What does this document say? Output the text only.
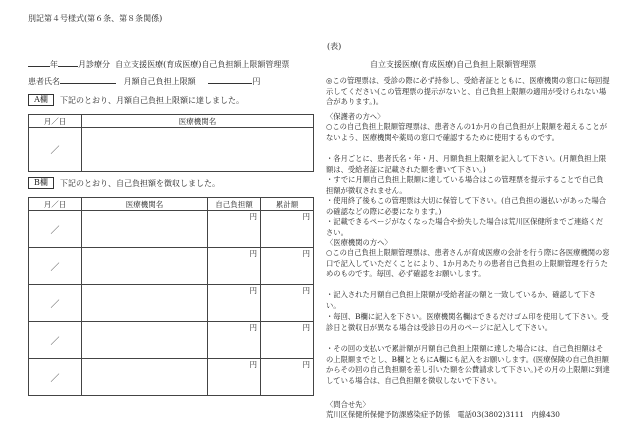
別記第４号様式(第６条、第８条関係)
(表)
年	月診療分 自立支援医療(育成医療)自己負担額上限額管理票
患者氏名	月額自己負担上限額	円
A欄	下記のとおり、月額自己負担上限額に達しました。
月／日	医療機関名

／	

B欄	下記のとおり、自己負担額を徴収しました。
月／日	医療機関名	自己負担額	累計額

／		円	円

／		円	円

／		円	円

／		円	円

／		円	円
自立支援医療(育成医療)自己負担上限額管理票
◎この管理票は、受診の際に必ず持参し、受給者証とともに、医療機関の窓口に毎回提示してください(この管理票の提示がないと、自己負担上限額の適用が受けられない場合があります。)。
〈保護者の方へ〉
○この自己負担上限額管理票は、患者さんの1か月の自己負担が上限額を超えることがないよう、医療機関や薬局の窓口で確認するために使用するものです。
・各月ごとに、患者氏名・年・月、月額負担上限額を記入して下さい。(月額負担上限額は、受給者証に記載された額を書いて下さい。)
・すでに月額自己負担上限額に達している場合はこの管理票を提示することで自己負担額が徴収されません。
・使用終了後もこの管理票は大切に保管して下さい。(自己負担の過払いがあった場合の確認などの際に必要になります。)
・記載できるページがなくなった場合や紛失した場合は荒川区保健所までご連絡ください。
〈医療機関の方へ〉
○この自己負担上限額管理票は、患者さんが育成医療の会計を行う際に各医療機関の窓口で記入していただくことにより、1か月あたりの患者自己負担の上限額管理を行うためのものです。毎回、必ず確認をお願いします。
・記入された月額自己負担上限額が受給者証の額と一致しているか、確認して下さい。
・毎回、B欄に記入を下さい。医療機関名欄はできるだけゴム印を使用して下さい。受診日と徴収日が異なる場合は受診日の月のページに記入して下さい。
・その回の支払いで累計額が月額自己負担上限額に達した場合には、自己負担額はその上限額までとし、B欄とともにA欄にも記入をお願いします。(医療保険の自己負担額からその回の自己負担額を差し引いた額を公費請求して下さい。)その月の上限額に到達している場合は、自己負担額を徴収しないで下さい。
〈問合せ先〉
荒川区保健所保健予防課感染症予防係　電話03(3802)3111　内線430
